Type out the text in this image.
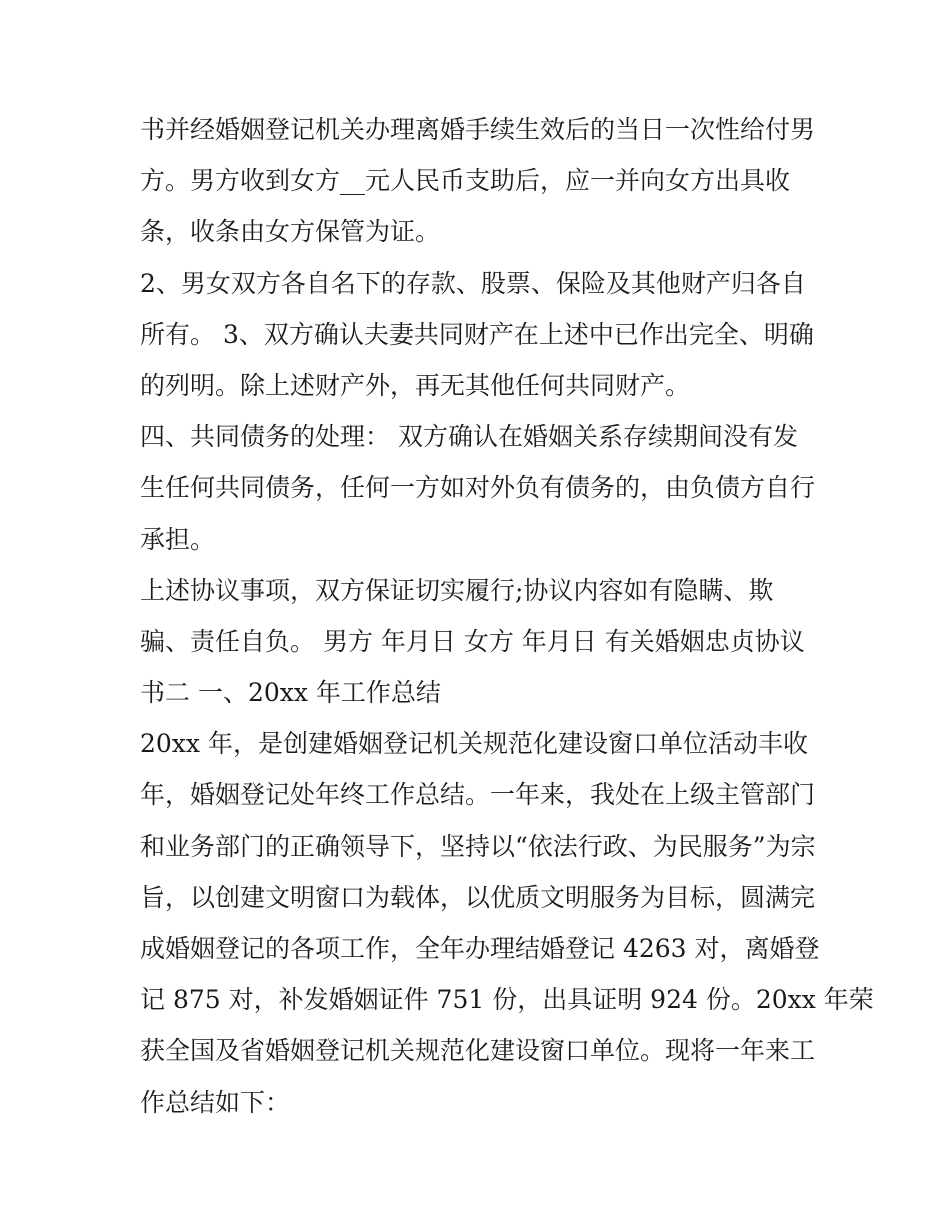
书并经婚姻登记机关办理离婚手续生效后的当日一次性给付男
方。男方收到女方__元人民币支助后，应一并向女方出具收
条，收条由女方保管为证。
2、男女双方各自名下的存款、股票、保险及其他财产归各自
所有。 3、双方确认夫妻共同财产在上述中已作出完全、明确
的列明。除上述财产外，再无其他任何共同财产。
四、共同债务的处理： 双方确认在婚姻关系存续期间没有发
生任何共同债务，任何一方如对外负有债务的，由负债方自行
承担。
上述协议事项，双方保证切实履行;协议内容如有隐瞒、欺
骗、责任自负。 男方 年月日 女方 年月日 有关婚姻忠贞协议
书二 一、20xx 年工作总结
20xx 年，是创建婚姻登记机关规范化建设窗口单位活动丰收
年，婚姻登记处年终工作总结。一年来，我处在上级主管部门
和业务部门的正确领导下，坚持以“依法行政、为民服务”为宗
旨，以创建文明窗口为载体，以优质文明服务为目标，圆满完
成婚姻登记的各项工作，全年办理结婚登记 4263 对，离婚登
记 875 对，补发婚姻证件 751 份，出具证明 924 份。20xx 年荣
获全国及省婚姻登记机关规范化建设窗口单位。现将一年来工
作总结如下：
